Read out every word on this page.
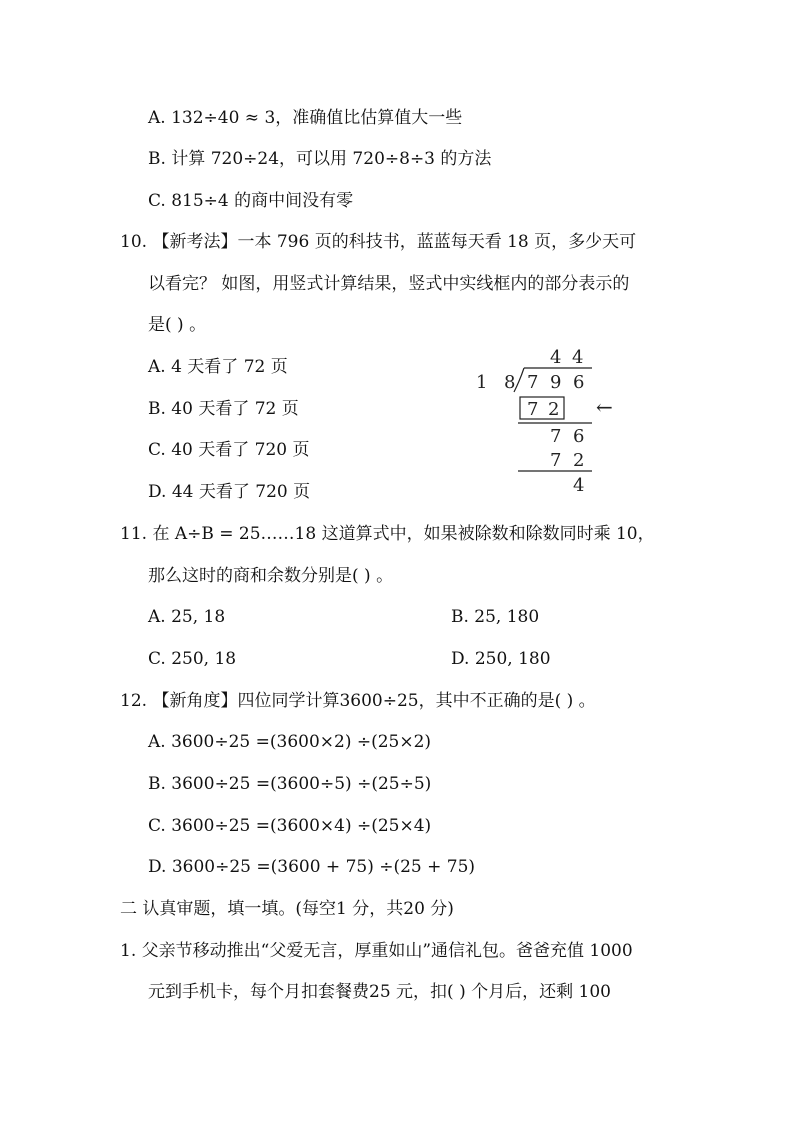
A. 132÷40 ≈ 3，准确值比估算值大一些
B. 计算 720÷24，可以用 720÷8÷3 的方法
C. 815÷4 的商中间没有零
10. 【新考法】一本 796 页的科技书，蓝蓝每天看 18 页，多少天可
以看完？ 如图，用竖式计算结果，竖式中实线框内的部分表示的
是( ) 。
A. 4 天看了 72 页
B. 40 天看了 72 页
C. 40 天看了 720 页
D. 44 天看了 720 页
4 4
1 8 7 9 6
7 2 ←
7 6
7 2
4
11. 在 A÷B = 25……18 这道算式中，如果被除数和除数同时乘 10，
那么这时的商和余数分别是( ) 。
A. 25, 18	B. 25, 180
C. 250, 18	D. 250, 180
12. 【新角度】四位同学计算3600÷25，其中不正确的是( ) 。
A. 3600÷25 =(3600×2) ÷(25×2)
B. 3600÷25 =(3600÷5) ÷(25÷5)
C. 3600÷25 =(3600×4) ÷(25×4)
D. 3600÷25 =(3600 + 75) ÷(25 + 75)
二 认真审题，填一填。(每空1 分，共20 分)
1. 父亲节移动推出“父爱无言，厚重如山”通信礼包。爸爸充值 1000
元到手机卡，每个月扣套餐费25 元，扣( ) 个月后，还剩 100
